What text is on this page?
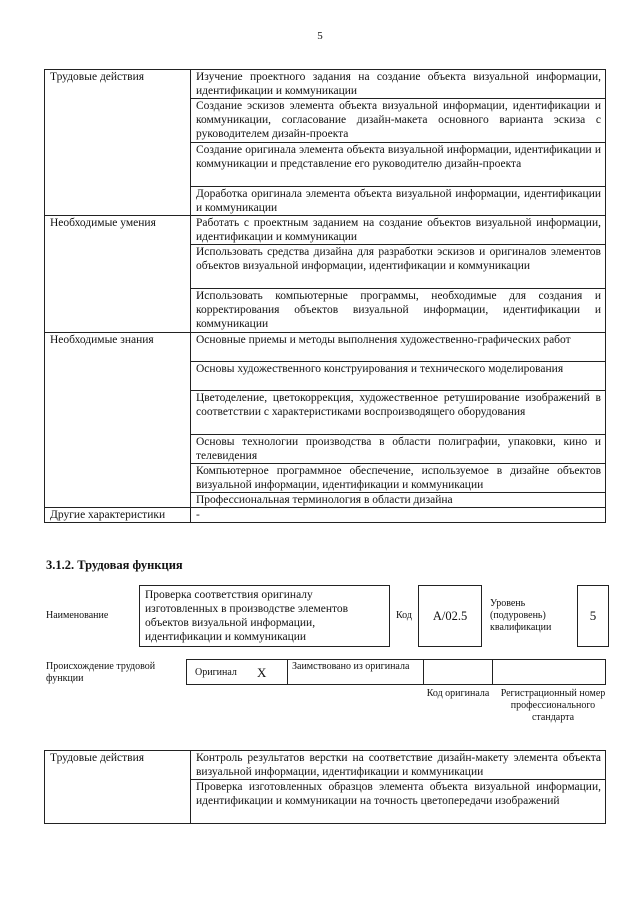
5
Трудовые действия	Изучение проектного задания на создание объекта визуальной информации, идентификации и коммуникации
	Создание эскизов элемента объекта визуальной информации, идентификации и коммуникации, согласование дизайн-макета основного варианта эскиза с руководителем дизайн-проекта
	Создание оригинала элемента объекта визуальной информации, идентификации и коммуникации и представление его руководителю дизайн-проекта
	Доработка оригинала элемента объекта визуальной информации, идентификации и коммуникации
Необходимые умения	Работать с проектным заданием на создание объектов визуальной информации, идентификации и коммуникации
	Использовать средства дизайна для разработки эскизов и оригиналов элементов объектов визуальной информации, идентификации и коммуникации
	Использовать компьютерные программы, необходимые для создания и корректирования объектов визуальной информации, идентификации и коммуникации
Необходимые знания	Основные приемы и методы выполнения художественно-графических работ
	Основы художественного конструирования и технического моделирования
	Цветоделение, цветокоррекция, художественное ретуширование изображений в соответствии с характеристиками воспроизводящего оборудования
	Основы технологии производства в области полиграфии, упаковки, кино и телевидения
	Компьютерное программное обеспечение, используемое в дизайне объектов визуальной информации, идентификации и коммуникации
	Профессиональная терминология в области дизайна
Другие характеристики	-
3.1.2. Трудовая функция
Наименование
Проверка соответствия оригиналу изготовленных в производстве элементов объектов визуальной информации, идентификации и коммуникации
Код	А/02.5
Уровень (подуровень) квалификации
5
Происхождение трудовой функции
Оригинал X	Заимствовано из оригинала
Код оригинала	Регистрационный номер профессионального стандарта
Трудовые действия	Контроль результатов верстки на соответствие дизайн-макету элемента объекта визуальной информации, идентификации и коммуникации
Проверка изготовленных образцов элемента объекта визуальной информации, идентификации и коммуникации на точность цветопередачи изображений
